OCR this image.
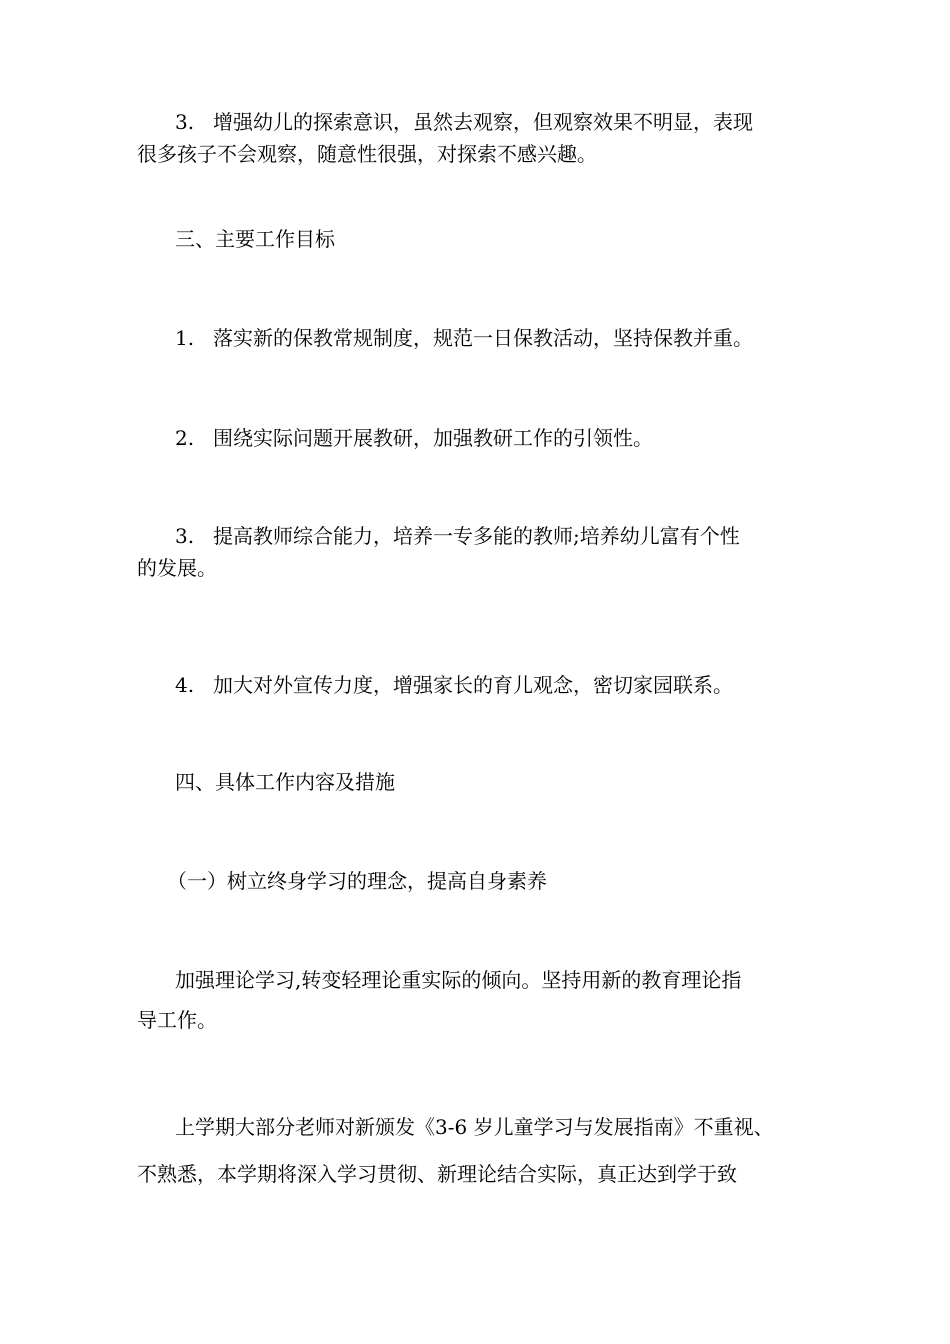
3. 增强幼儿的探索意识，虽然去观察，但观察效果不明显，表现
很多孩子不会观察，随意性很强，对探索不感兴趣。
三、主要工作目标
1. 落实新的保教常规制度，规范一日保教活动，坚持保教并重。
2. 围绕实际问题开展教研，加强教研工作的引领性。
3. 提高教师综合能力，培养一专多能的教师;培养幼儿富有个性
的发展。
4. 加大对外宣传力度，增强家长的育儿观念，密切家园联系。
四、具体工作内容及措施
（一）树立终身学习的理念，提高自身素养
加强理论学习,转变轻理论重实际的倾向。坚持用新的教育理论指
导工作。
上学期大部分老师对新颁发《3-6 岁儿童学习与发展指南》不重视、
不熟悉，本学期将深入学习贯彻、新理论结合实际，真正达到学于致
